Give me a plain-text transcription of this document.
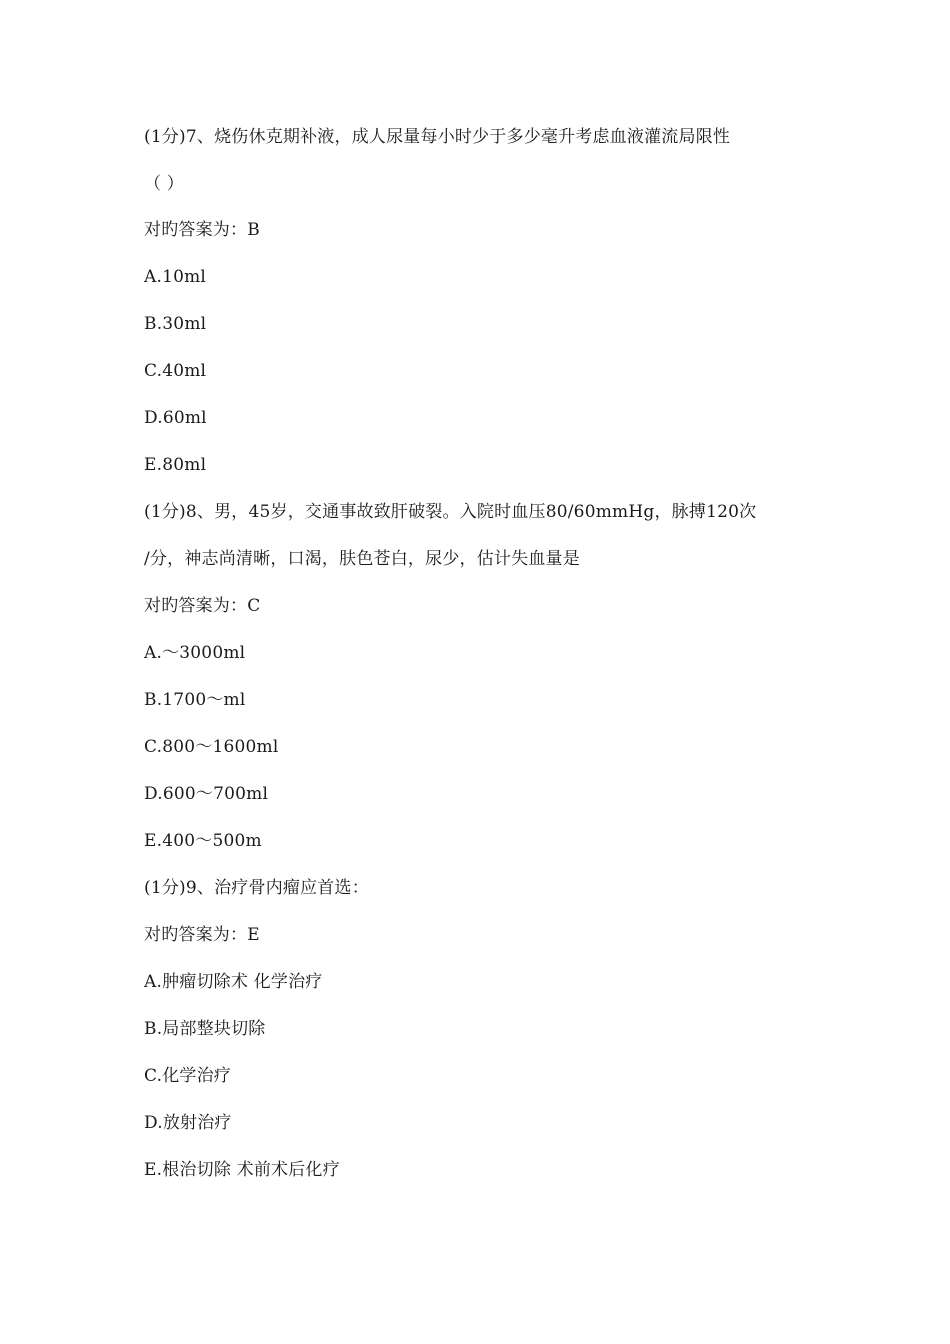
(1分)7、烧伤休克期补液，成人尿量每小时少于多少毫升考虑血液灌流局限性
（ ）
对旳答案为：B
A.10ml
B.30ml
C.40ml
D.60ml
E.80ml
(1分)8、男，45岁，交通事故致肝破裂。入院时血压80/60mmHg，脉搏120次
/分，神志尚清晰，口渴，肤色苍白，尿少，估计失血量是
对旳答案为：C
A.～3000ml
B.1700～ml
C.800～1600ml
D.600～700ml
E.400～500m
(1分)9、治疗骨内瘤应首选：
对旳答案为：E
A.肿瘤切除术 化学治疗
B.局部整块切除
C.化学治疗
D.放射治疗
E.根治切除 术前术后化疗
